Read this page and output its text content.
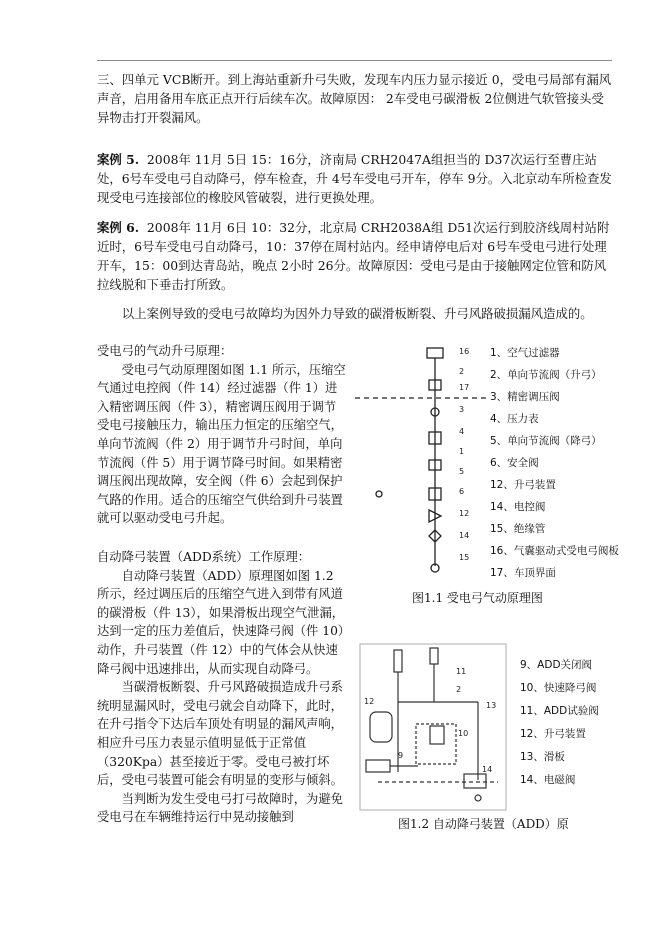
三、四单元 VCB断开。到上海站重新升弓失败，发现车内压力显示接近 0，受电弓局部有漏风声音，启用备用车底正点开行后续车次。故障原因： 2车受电弓碳滑板 2位侧进气软管接头受异物击打开裂漏风。

案例 5. 2008年 11月 5日 15：16分，济南局 CRH2047A组担当的 D37次运行至曹庄站处，6号车受电弓自动降弓，停车检查，升 4号车受电弓开车，停车 9分。入北京动车所检查发现受电弓连接部位的橡胶风管破裂，进行更换处理。

案例 6. 2008年 11月 6日 10：32分，北京局 CRH2038A组 D51次运行到胶济线周村站附近时，6号车受电弓自动降弓，10：37停在周村站内。经申请停电后对 6号车受电弓进行处理开车，15：00到达青岛站，晚点 2小时 26分。故障原因：受电弓是由于接触网定位管和防风拉线脱和下垂击打所致。

以上案例导致的受电弓故障均为因外力导致的碳滑板断裂、升弓风路破损漏风造成的。

受电弓的气动升弓原理：

受电弓气动原理图如图 1.1 所示，压缩空气通过电控阀（件 14）经过滤器（件 1）进入精密调压阀（件 3），精密调压阀用于调节受电弓接触压力，输出压力恒定的压缩空气，单向节流阀（件 2）用于调节升弓时间，单向节流阀（件 5）用于调节降弓时间。如果精密调压阀出现故障，安全阀（件 6）会起到保护气路的作用。适合的压缩空气供给到升弓装置就可以驱动受电弓升起。

自动降弓装置（ADD系统）工作原理：

自动降弓装置（ADD）原理图如图 1.2 所示，经过调压后的压缩空气进入到带有风道的碳滑板（件 13），如果滑板出现空气泄漏，达到一定的压力差值后，快速降弓阀（件 10）动作，升弓装置（件 12）中的气体会从快速降弓阀中迅速排出，从而实现自动降弓。

当碳滑板断裂、升弓风路破损造成升弓系统明显漏风时，受电弓就会自动降下，此时，在升弓指令下达后车顶处有明显的漏风声响，相应升弓压力表显示值明显低于正常值（320Kpa）甚至接近于零。受电弓被打坏后，受电弓装置可能会有明显的变形与倾斜。

当判断为发生受电弓打弓故障时，为避免受电弓在车辆维持运行中晃动接触到

16
2
17
3
4
1
5
6
12
14
15
1、空气过滤器
2、单向节流阀（升弓）
3、精密调压阀
4、压力表
5、单向节流阀（降弓）
6、安全阀
12、升弓装置
14、电控阀
15、绝缘管
16、气囊驱动式受电弓阀板
17、车顶界面
图1.1 受电弓气动原理图
11
2
13
12
10
9
14
9、ADD关闭阀
10、快速降弓阀
11、ADD试验阀
12、升弓装置
13、滑板
14、电磁阀
图1.2 自动降弓装置（ADD）原
